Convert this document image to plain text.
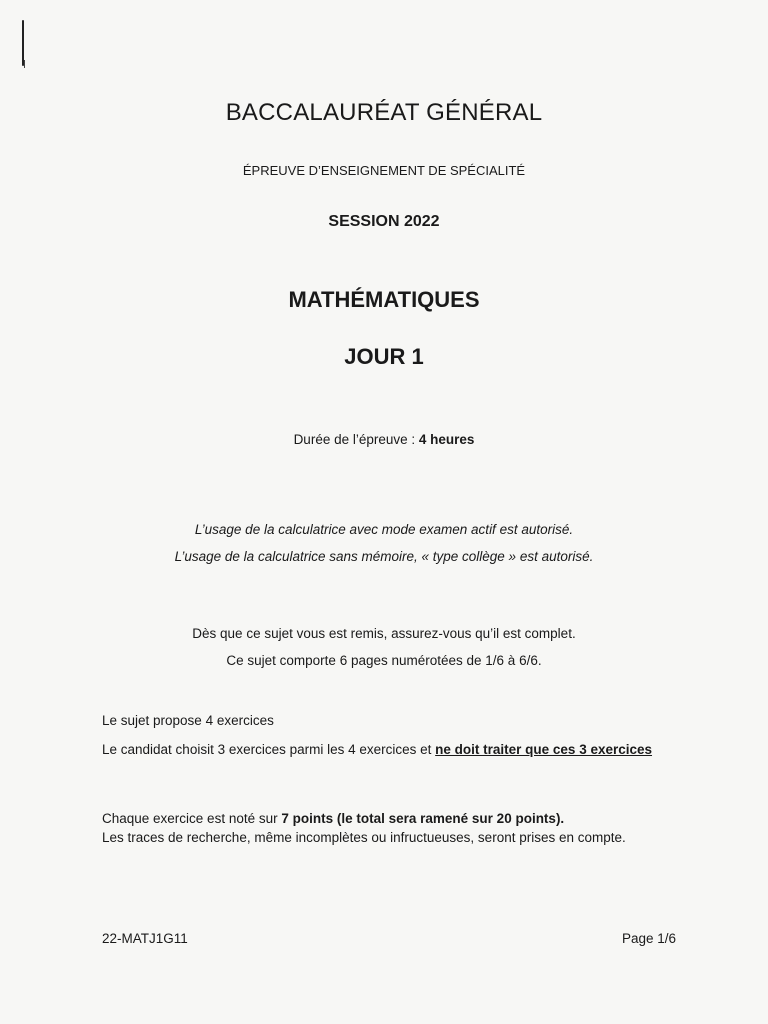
BACCALAURÉAT GÉNÉRAL
ÉPREUVE D’ENSEIGNEMENT DE SPÉCIALITÉ
SESSION 2022
MATHÉMATIQUES
JOUR 1
Durée de l’épreuve : 4 heures
L’usage de la calculatrice avec mode examen actif est autorisé.
L’usage de la calculatrice sans mémoire, « type collège » est autorisé.
Dès que ce sujet vous est remis, assurez-vous qu’il est complet.
Ce sujet comporte 6 pages numérotées de 1/6 à 6/6.
Le sujet propose 4 exercices
Le candidat choisit 3 exercices parmi les 4 exercices et ne doit traiter que ces 3 exercices
Chaque exercice est noté sur 7 points (le total sera ramené sur 20 points).
Les traces de recherche, même incomplètes ou infructueuses, seront prises en compte.
22-MATJ1G11	Page 1/6
